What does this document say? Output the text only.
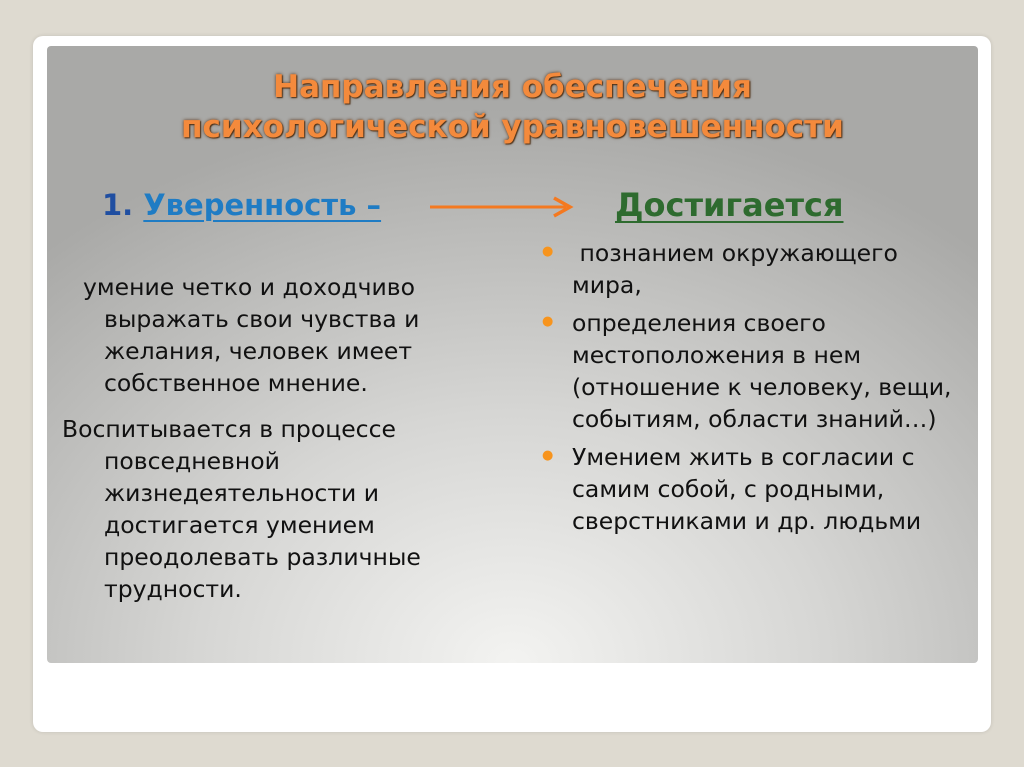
Направления обеспечения
психологической уравновешенности
1. Уверенность –	Достигается

умение четко и доходчиво выражать свои чувства и желания, человек имеет собственное мнение.

Воспитывается в процессе повседневной жизнедеятельности и достигается умением преодолевать различные трудности.

● познанием окружающего мира,
● определения своего местоположения в нем (отношение к человеку, вещи, событиям, области знаний…)
● Умением жить в согласии с самим собой, с родными, сверстниками и др. людьми
